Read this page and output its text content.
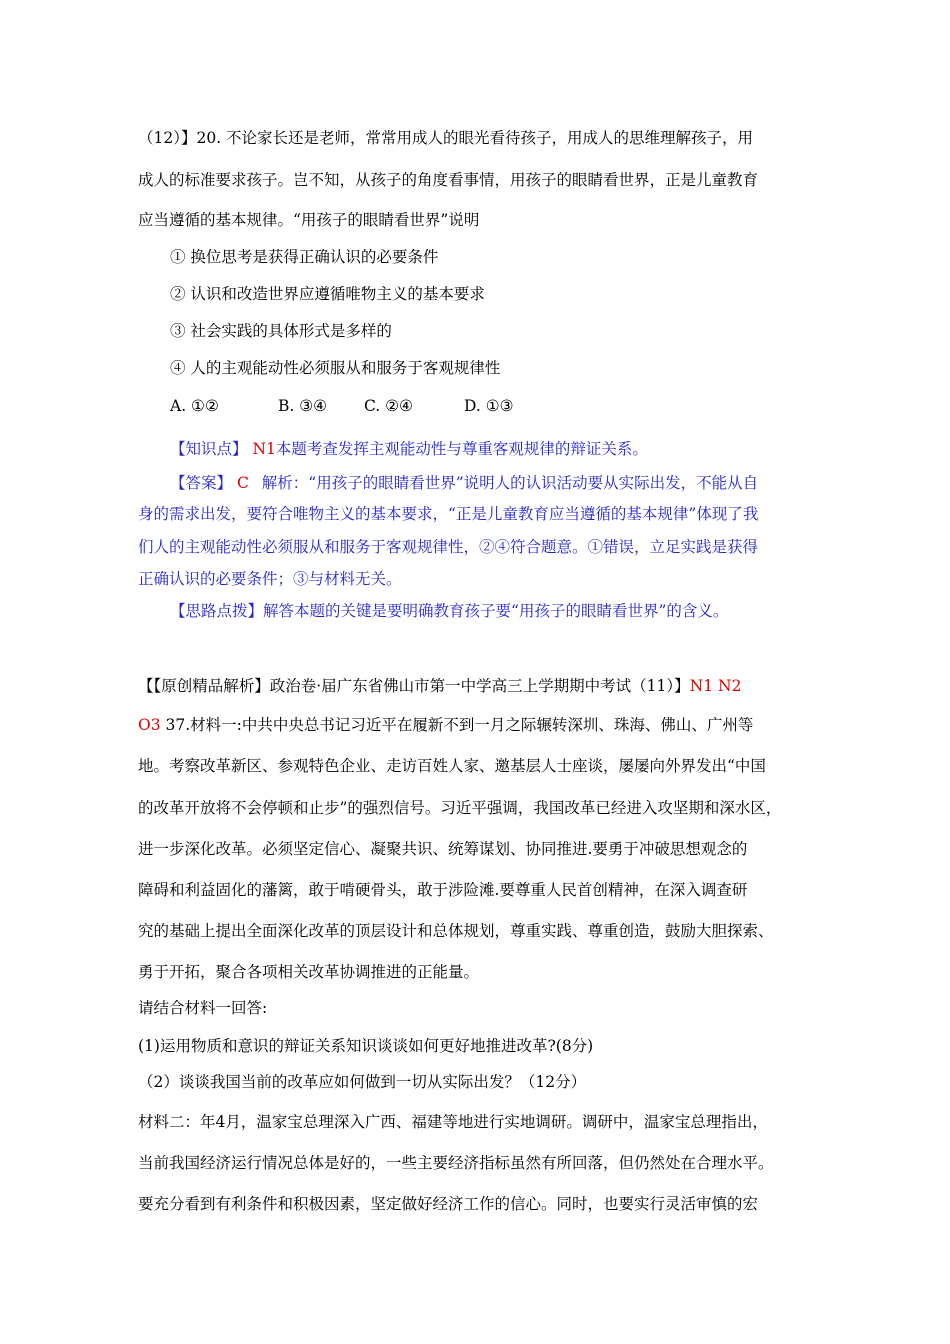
（12）】20. 不论家长还是老师，常常用成人的眼光看待孩子，用成人的思维理解孩子，用
成人的标准要求孩子。岂不知，从孩子的角度看事情，用孩子的眼睛看世界，正是儿童教育
应当遵循的基本规律。“用孩子的眼睛看世界”说明
① 换位思考是获得正确认识的必要条件
② 认识和改造世界应遵循唯物主义的基本要求
③ 社会实践的具体形式是多样的
④ 人的主观能动性必须服从和服务于客观规律性
A. ①②	B. ③④ C. ②④	D. ①③
【知识点】 N1本题考查发挥主观能动性与尊重客观规律的辩证关系。
【答案】 C 解析：“用孩子的眼睛看世界”说明人的认识活动要从实际出发，不能从自
身的需求出发，要符合唯物主义的基本要求，“正是儿童教育应当遵循的基本规律”体现了我
们人的主观能动性必须服从和服务于客观规律性，②④符合题意。①错误，立足实践是获得
正确认识的必要条件；③与材料无关。
【思路点拨】解答本题的关键是要明确教育孩子要“用孩子的眼睛看世界”的含义。
【【原创精品解析】政治卷·届广东省佛山市第一中学高三上学期期中考试（11）】N1 N2
O3 37.材料一:中共中央总书记习近平在履新不到一月之际辗转深圳、珠海、佛山、广州等
地。考察改革新区、参观特色企业、走访百姓人家、邀基层人士座谈，屡屡向外界发出“中国
的改革开放将不会停顿和止步”的强烈信号。习近平强调，我国改革已经进入攻坚期和深水区，
进一步深化改革。必须坚定信心、凝聚共识、统筹谋划、协同推进.要勇于冲破思想观念的
障碍和利益固化的藩篱，敢于啃硬骨头，敢于涉险滩.要尊重人民首创精神，在深入调查研
究的基础上提出全面深化改革的顶层设计和总体规划，尊重实践、尊重创造，鼓励大胆探索、
勇于开拓，聚合各项相关改革协调推进的正能量。
请结合材料一回答:
(1)运用物质和意识的辩证关系知识谈谈如何更好地推进改革?(8分)
（2）谈谈我国当前的改革应如何做到一切从实际出发？（12分）
材料二：年4月，温家宝总理深入广西、福建等地进行实地调研。调研中，温家宝总理指出，
当前我国经济运行情况总体是好的，一些主要经济指标虽然有所回落，但仍然处在合理水平。
要充分看到有利条件和积极因素，坚定做好经济工作的信心。同时，也要实行灵活审慎的宏
